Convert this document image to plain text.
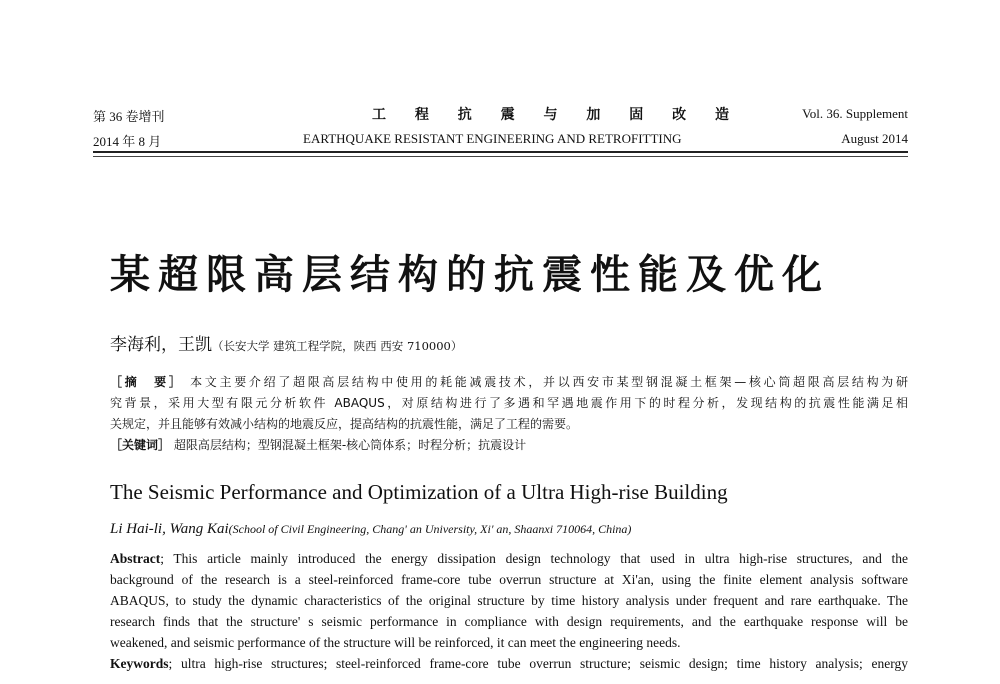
第 36 卷增刊
2014 年 8 月
工 程 抗 震 与 加 固 改 造
EARTHQUAKE RESISTANT ENGINEERING AND RETROFITTING
Vol. 36. Supplement
August 2014
某超限高层结构的抗震性能及优化
李海利，王凯（长安大学 建筑工程学院，陕西 西安 710000）
［摘　要］ 本文主要介绍了超限高层结构中使用的耗能减震技术，并以西安市某型钢混凝土框架—核心筒超限高层结构为研
究背景，采用大型有限元分析软件 ABAQUS，对原结构进行了多遇和罕遇地震作用下的时程分析，发现结构的抗震性能满足相
关规定，并且能够有效减小结构的地震反应，提高结构的抗震性能，满足了工程的需要。
［关键词］ 超限高层结构；型钢混凝土框架-核心筒体系；时程分析；抗震设计
The Seismic Performance and Optimization of a Ultra High-rise Building
Li Hai-li, Wang Kai(School of Civil Engineering, Chang' an University, Xi' an, Shaanxi 710064, China)
Abstract; This article mainly introduced the energy dissipation design technology that used in ultra high-rise structures, and the
background of the research is a steel-reinforced frame-core tube overrun structure at Xi'an, using the finite element analysis software
ABAQUS, to study the dynamic characteristics of the original structure by time history analysis under frequent and rare earthquake. The
research finds that the structure' s seismic performance in compliance with design requirements, and the earthquake response will be
weakened, and seismic performance of the structure will be reinforced, it can meet the engineering needs.
Keywords; ultra high-rise structures; steel-reinforced frame-core tube overrun structure; seismic design; time history analysis; energy
